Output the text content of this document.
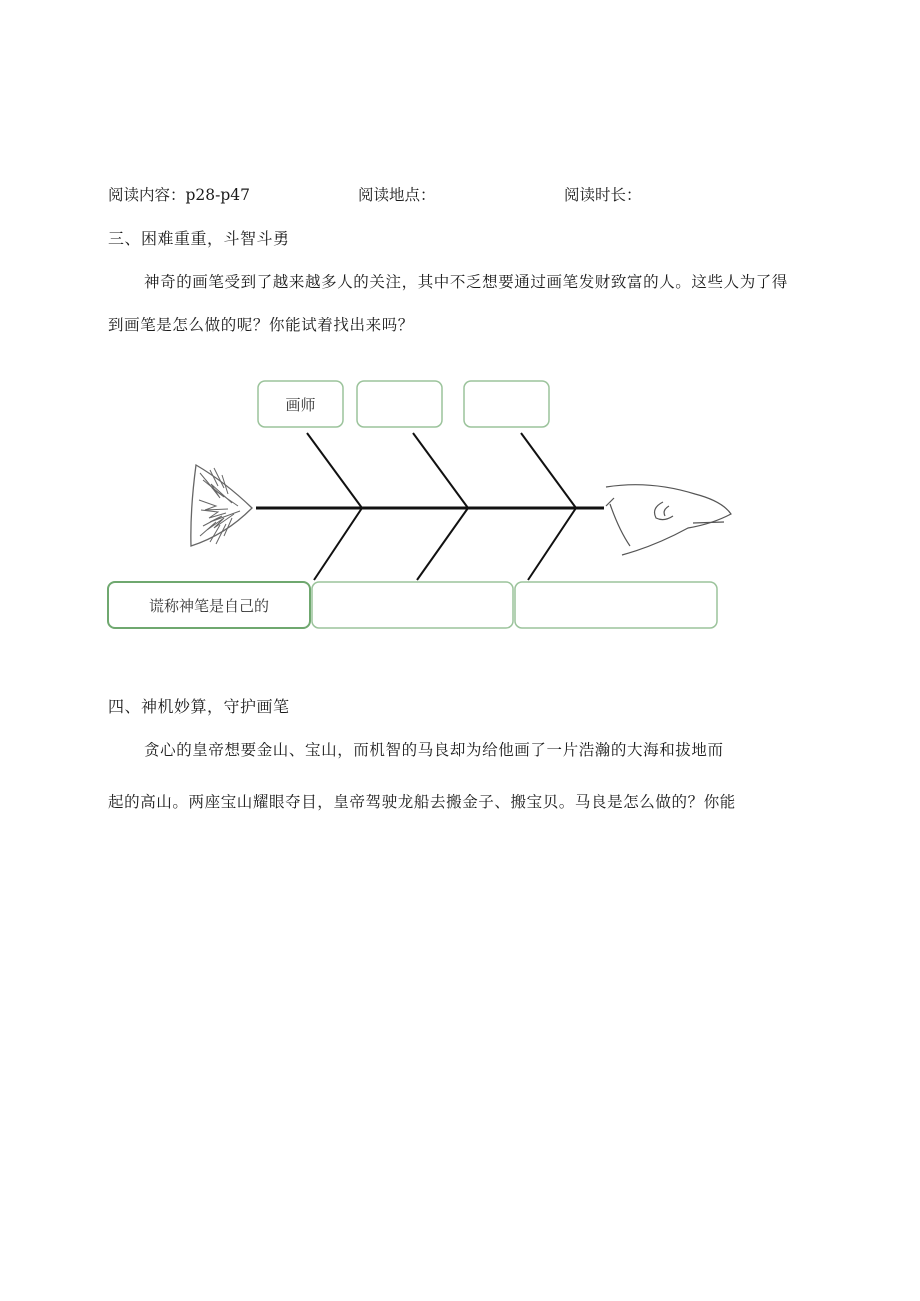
阅读内容：p28-p47	阅读地点：	阅读时长：
三、困难重重，斗智斗勇
神奇的画笔受到了越来越多人的关注，其中不乏想要通过画笔发财致富的人。这些人为了得
到画笔是怎么做的呢？你能试着找出来吗？
画师
谎称神笔是自己的
四、神机妙算，守护画笔
贪心的皇帝想要金山、宝山，而机智的马良却为给他画了一片浩瀚的大海和拔地而
起的高山。两座宝山耀眼夺目，皇帝驾驶龙船去搬金子、搬宝贝。马良是怎么做的？你能
